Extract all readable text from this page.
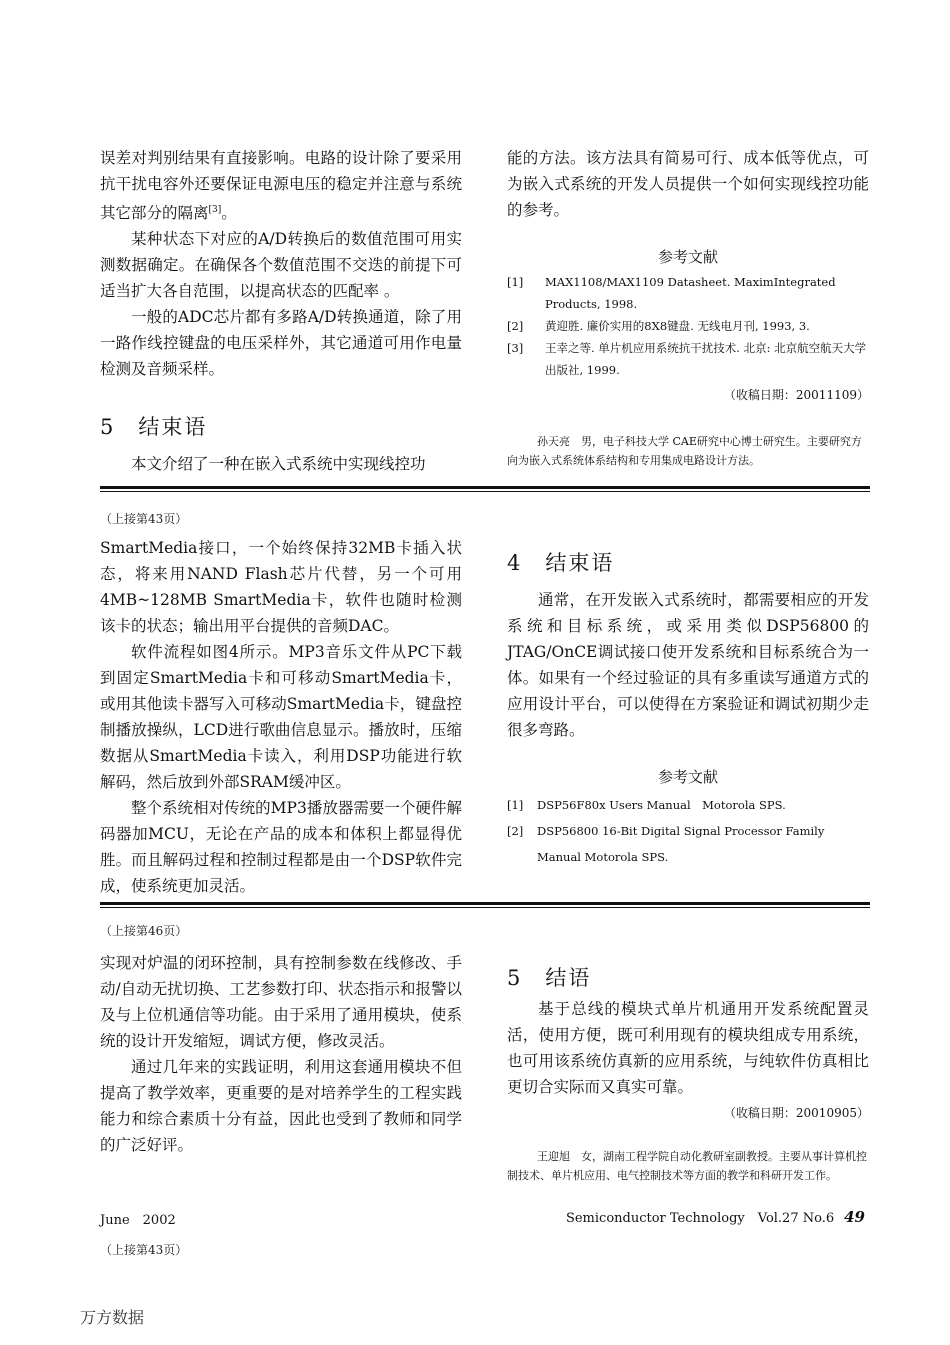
误差对判别结果有直接影响。电路的设计除了要采用抗干扰电容外还要保证电源电压的稳定并注意与系统其它部分的隔离[3]。

某种状态下对应的A/D转换后的数值范围可用实测数据确定。在确保各个数值范围不交迭的前提下可适当扩大各自范围，以提高状态的匹配率 。

一般的ADC芯片都有多路A/D转换通道，除了用一路作线控键盘的电压采样外，其它通道可用作电量检测及音频采样。

5　结束语

本文介绍了一种在嵌入式系统中实现线控功

能的方法。该方法具有简易可行、成本低等优点，可为嵌入式系统的开发人员提供一个如何实现线控功能的参考。

参考文献

[1] MAX1108/MAX1109 Datasheet. MaximIntegrated Products, 1998.

[2] 黄迎胜. 廉价实用的8X8键盘. 无线电月刊, 1993, 3.

[3] 王幸之等. 单片机应用系统抗干扰技术. 北京: 北京航空航天大学出版社, 1999.

（收稿日期：20011109）

孙天亮　男，电子科技大学 CAE研究中心博士研究生。主要研究方向为嵌入式系统体系结构和专用集成电路设计方法。

（上接第43页）

SmartMedia接口，一个始终保持32MB卡插入状态，将来用NAND Flash芯片代替，另一个可用4MB~128MB SmartMedia卡，软件也随时检测该卡的状态；输出用平台提供的音频DAC。

软件流程如图4所示。MP3音乐文件从PC下载到固定SmartMedia卡和可移动SmartMedia卡，或用其他读卡器写入可移动SmartMedia卡，键盘控制播放操纵，LCD进行歌曲信息显示。播放时，压缩数据从SmartMedia卡读入，利用DSP功能进行软解码，然后放到外部SRAM缓冲区。

整个系统相对传统的MP3播放器需要一个硬件解码器加MCU，无论在产品的成本和体积上都显得优胜。而且解码过程和控制过程都是由一个DSP软件完成，使系统更加灵活。

4　结束语

通常，在开发嵌入式系统时，都需要相应的开发系统和目标系统，或采用类似DSP56800的JTAG/OnCE调试接口使开发系统和目标系统合为一体。如果有一个经过验证的具有多重读写通道方式的应用设计平台，可以使得在方案验证和调试初期少走很多弯路。

参考文献

[1] DSP56F80x Users Manual　Motorola SPS.

[2] DSP56800 16-Bit Digital Signal Processor Family Manual Motorola SPS.

（上接第46页）

实现对炉温的闭环控制，具有控制参数在线修改、手动/自动无扰切换、工艺参数打印、状态指示和报警以及与上位机通信等功能。由于采用了通用模块，使系统的设计开发缩短，调试方便，修改灵活。

通过几年来的实践证明，利用这套通用模块不但提高了教学效率，更重要的是对培养学生的工程实践能力和综合素质十分有益，因此也受到了教师和同学的广泛好评。

5　结语

基于总线的模块式单片机通用开发系统配置灵活，使用方便，既可利用现有的模块组成专用系统，也可用该系统仿真新的应用系统，与纯软件仿真相比更切合实际而又真实可靠。

（收稿日期：20010905）

王迎旭　女，湖南工程学院自动化教研室副教授。主要从事计算机控制技术、单片机应用、电气控制技术等方面的教学和科研开发工作。

June　2002	Semiconductor Technology　Vol.27 No.6 49
（上接第43页）
万方数据
